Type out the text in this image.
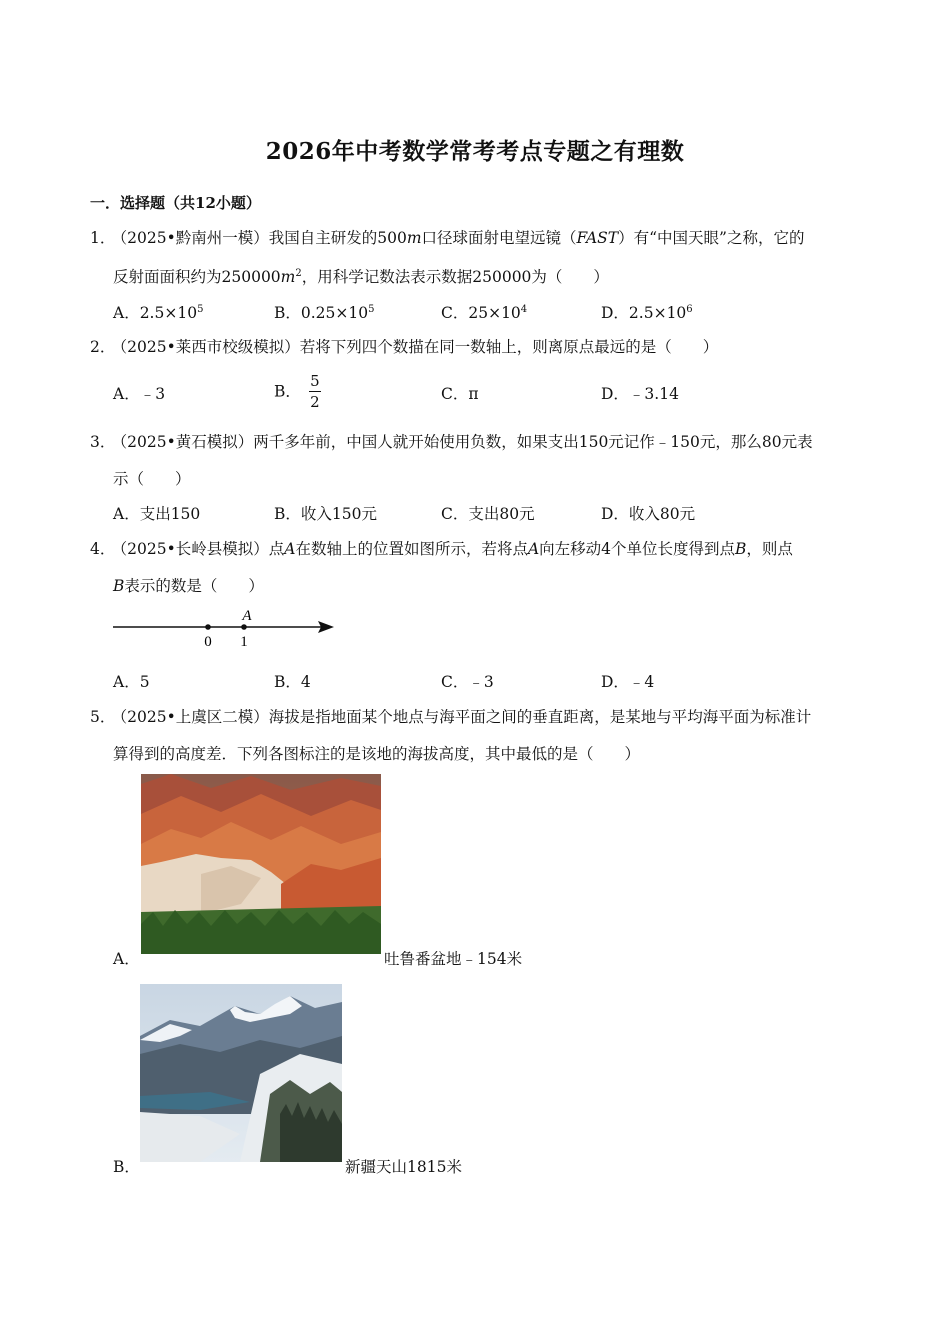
2026年中考数学常考考点专题之有理数
一．选择题（共12小题）
1． （2025•黔南州一模）我国自主研发的500m口径球面射电望远镜（FAST）有“中国天眼”之称，它的
反射面面积约为$250000m^2$，用科学记数法表示数据250000为（　　）
A．$2.5\times 10^5$	B．$0.25\times 10^5$	C．$25\times 10^4$	D．$2.5\times 10^6$
2． （2025•莱西市校级模拟）若将下列四个数描在同一数轴上，则离原点最远的是（　　）
A．﹣3	B． $\frac{5}{2}$	C．π	D．﹣3.14
3． （2025•黄石模拟）两千多年前，中国人就开始使用负数，如果支出150元记作﹣150元，那么80元表
示（　　）
A．支出150	B．收入150元	C．支出80元	D．收入80元
4． （2025•长岭县模拟）点A在数轴上的位置如图所示，若将点A向左移动4个单位长度得到点B，则点
B表示的数是（　　）
0 1
A
A．5	B．4	C．﹣3	D．﹣4
5． （2025•上虞区二模）海拔是指地面某个地点与海平面之间的垂直距离，是某地与平均海平面为标准计
算得到的高度差．下列各图标注的是该地的海拔高度，其中最低的是（　　）
A．	吐鲁番盆地﹣154米
B．	新疆天山1815米
